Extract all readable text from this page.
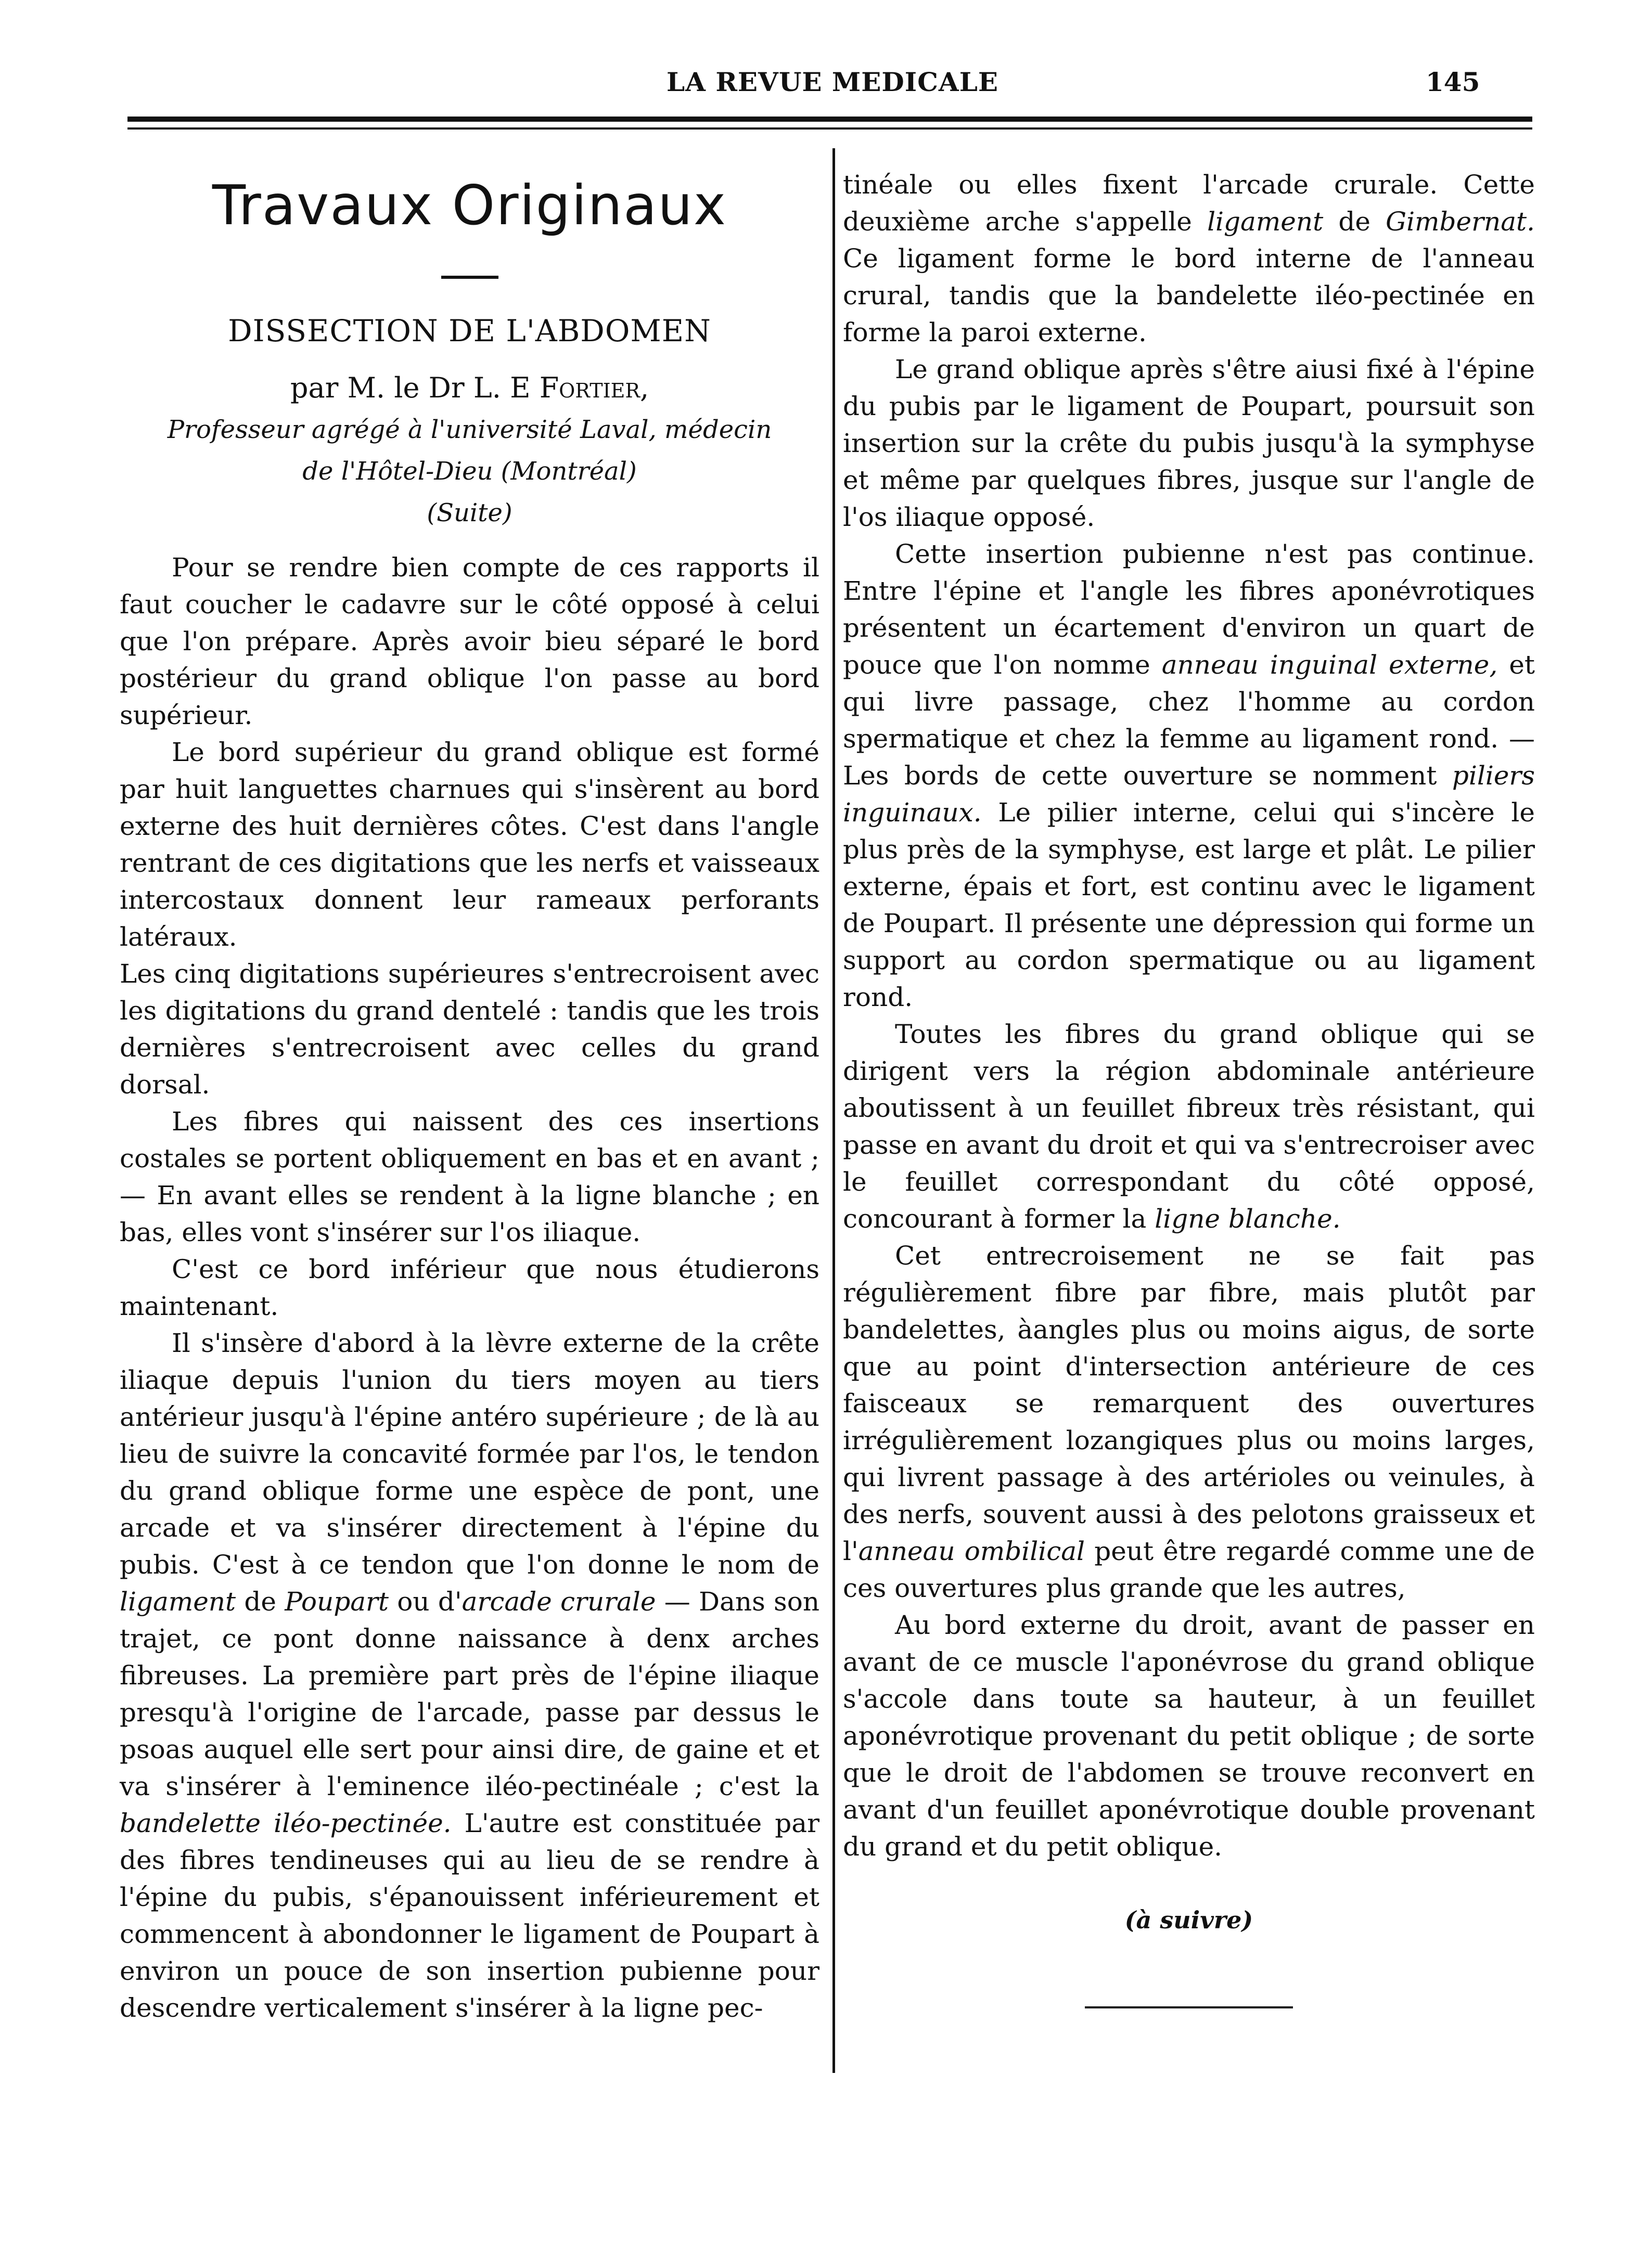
LA REVUE MEDICALE	145
Travaux Originaux
DISSECTION DE L'ABDOMEN
par M. le Dr L. E Fortier,
Professeur agrégé à l'université Laval, médecin
de l'Hôtel-Dieu (Montréal)
(Suite)

Pour se rendre bien compte de ces rapports il faut coucher le cadavre sur le côté opposé à celui que l'on prépare. Après avoir bieu séparé le bord postérieur du grand oblique l'on passe au bord supérieur.

Le bord supérieur du grand oblique est formé par huit languettes charnues qui s'insèrent au bord externe des huit dernières côtes. C'est dans l'angle rentrant de ces digitations que les nerfs et vaisseaux intercostaux donnent leur rameaux perforants latéraux.

Les cinq digitations supérieures s'entrecroisent avec les digitations du grand dentelé : tandis que les trois dernières s'entrecroisent avec celles du grand dorsal.

Les fibres qui naissent des ces insertions costales se portent obliquement en bas et en avant ; — En avant elles se rendent à la ligne blanche ; en bas, elles vont s'insérer sur l'os iliaque.

C'est ce bord inférieur que nous étudierons maintenant.

Il s'insère d'abord à la lèvre externe de la crête iliaque depuis l'union du tiers moyen au tiers antérieur jusqu'à l'épine antéro supérieure ; de là au lieu de suivre la concavité formée par l'os, le tendon du grand oblique forme une espèce de pont, une arcade et va s'insérer directement à l'épine du pubis. C'est à ce tendon que l'on donne le nom de ligament de Poupart ou d'arcade crurale — Dans son trajet, ce pont donne naissance à denx arches fibreuses. La première part près de l'épine iliaque presqu'à l'origine de l'arcade, passe par dessus le psoas auquel elle sert pour ainsi dire, de gaine et et va s'insérer à l'eminence iléo-pectinéale ; c'est la bandelette iléo-pectinée. L'autre est constituée par des fibres tendineuses qui au lieu de se rendre à l'épine du pubis, s'épanouissent inférieurement et commencent à abondonner le ligament de Poupart à environ un pouce de son insertion pubienne pour descendre verticalement s'insérer à la ligne pec-

tinéale ou elles fixent l'arcade crurale. Cette deuxième arche s'appelle ligament de Gimbernat. Ce ligament forme le bord interne de l'anneau crural, tandis que la bandelette iléo-pectinée en forme la paroi externe.

Le grand oblique après s'être aiusi fixé à l'épine du pubis par le ligament de Poupart, poursuit son insertion sur la crête du pubis jusqu'à la symphyse et même par quelques fibres, jusque sur l'angle de l'os iliaque opposé.

Cette insertion pubienne n'est pas continue. Entre l'épine et l'angle les fibres aponévrotiques présentent un écartement d'environ un quart de pouce que l'on nomme anneau inguinal externe, et qui livre passage, chez l'homme au cordon spermatique et chez la femme au ligament rond. — Les bords de cette ouverture se nomment piliers inguinaux. Le pilier interne, celui qui s'incère le plus près de la symphyse, est large et plât. Le pilier externe, épais et fort, est continu avec le ligament de Poupart. Il présente une dépression qui forme un support au cordon spermatique ou au ligament rond.

Toutes les fibres du grand oblique qui se dirigent vers la région abdominale antérieure aboutissent à un feuillet fibreux très résistant, qui passe en avant du droit et qui va s'entrecroiser avec le feuillet correspondant du côté opposé, concourant à former la ligne blanche.

Cet entrecroisement ne se fait pas régulièrement fibre par fibre, mais plutôt par bandelettes, àangles plus ou moins aigus, de sorte que au point d'intersection antérieure de ces faisceaux se remarquent des ouvertures irrégulièrement lozangiques plus ou moins larges, qui livrent passage à des artérioles ou veinules, à des nerfs, souvent aussi à des pelotons graisseux et l'anneau ombilical peut être regardé comme une de ces ouvertures plus grande que les autres,

Au bord externe du droit, avant de passer en avant de ce muscle l'aponévrose du grand oblique s'accole dans toute sa hauteur, à un feuillet aponévrotique provenant du petit oblique ; de sorte que le droit de l'abdomen se trouve reconvert en avant d'un feuillet aponévrotique double provenant du grand et du petit oblique.

(à suivre)
